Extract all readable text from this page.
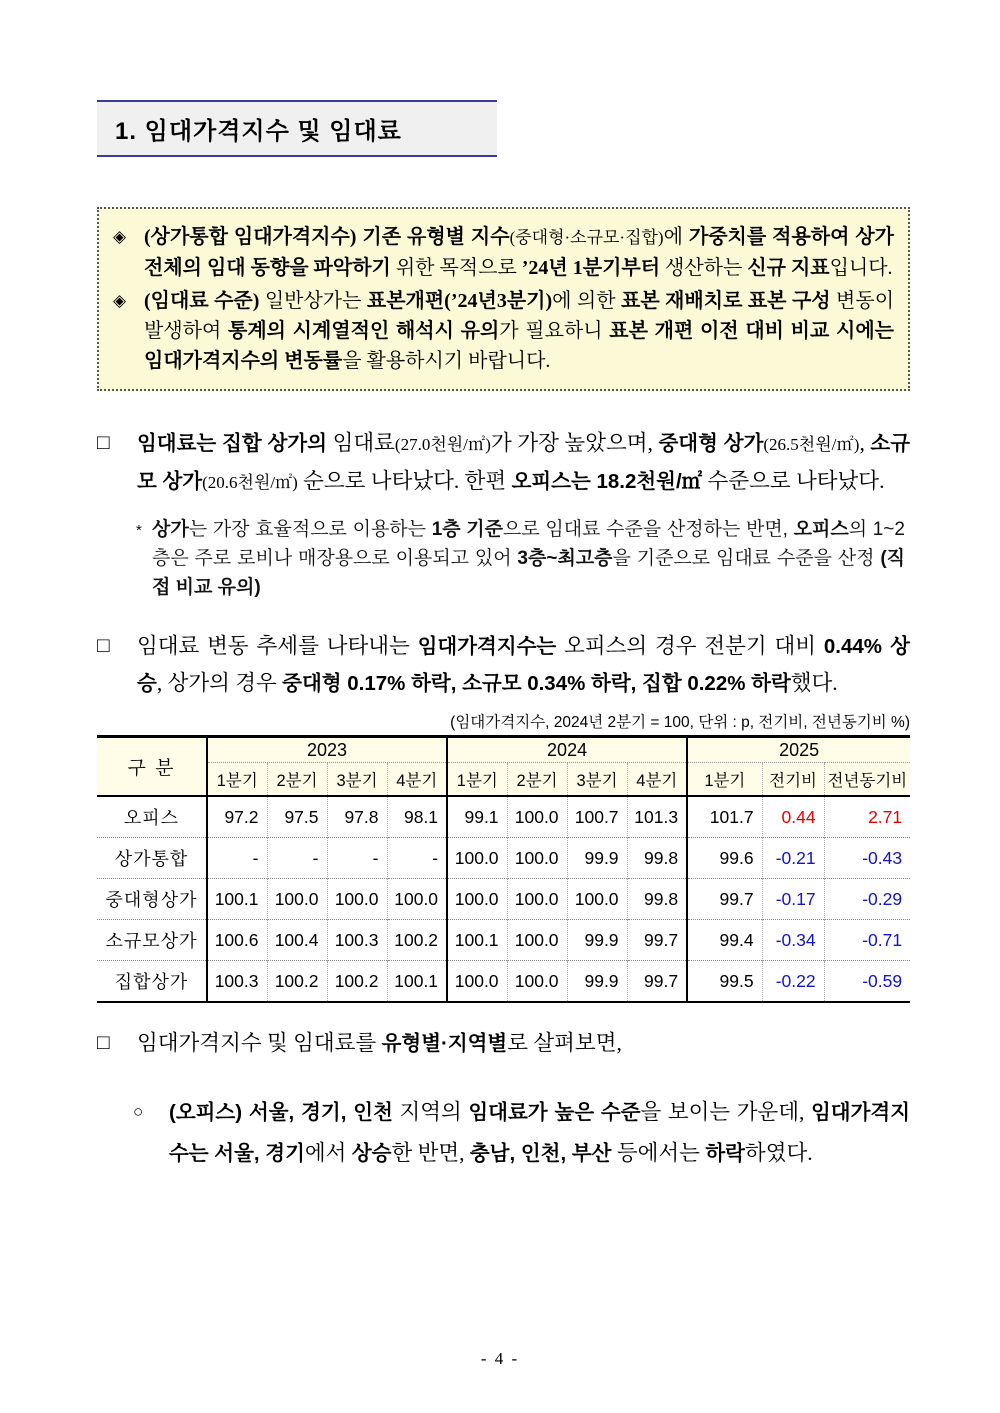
1. 임대가격지수 및 임대료
◈ (상가통합 임대가격지수) 기존 유형별 지수(중대형·소규모·집합)에 가중치를 적용하여 상가 전체의 임대 동향을 파악하기 위한 목적으로 ’24년 1분기부터 생산하는 신규 지표입니다.
◈ (임대료 수준) 일반상가는 표본개편(’24년3분기)에 의한 표본 재배치로 표본 구성 변동이 발생하여 통계의 시계열적인 해석시 유의가 필요하니 표본 개편 이전 대비 비교 시에는 임대가격지수의 변동률을 활용하시기 바랍니다.
□ 임대료는 집합 상가의 임대료(27.0천원/㎡)가 가장 높았으며, 중대형 상가(26.5천원/㎡), 소규모 상가(20.6천원/㎡) 순으로 나타났다. 한편 오피스는 18.2천원/㎡ 수준으로 나타났다.
* 상가는 가장 효율적으로 이용하는 1층 기준으로 임대료 수준을 산정하는 반면, 오피스의 1~2층은 주로 로비나 매장용으로 이용되고 있어 3층~최고층을 기준으로 임대료 수준을 산정 (직접 비교 유의)
□ 임대료 변동 추세를 나타내는 임대가격지수는 오피스의 경우 전분기 대비 0.44% 상승, 상가의 경우 중대형 0.17% 하락, 소규모 0.34% 하락, 집합 0.22% 하락했다.
(임대가격지수, 2024년 2분기 = 100, 단위 : p, 전기비, 전년동기비 %)
구 분	2023				2024				2025		
	1분기	2분기	3분기	4분기	1분기	2분기	3분기	4분기	1분기	전기비	전년동기비
오피스	97.2	97.5	97.8	98.1	99.1	100.0	100.7	101.3	101.7	0.44	2.71
상가통합	-	-	-	-	100.0	100.0	99.9	99.8	99.6	-0.21	-0.43
중대형상가	100.1	100.0	100.0	100.0	100.0	100.0	100.0	99.8	99.7	-0.17	-0.29
소규모상가	100.6	100.4	100.3	100.2	100.1	100.0	99.9	99.7	99.4	-0.34	-0.71
집합상가	100.3	100.2	100.2	100.1	100.0	100.0	99.9	99.7	99.5	-0.22	-0.59
□ 임대가격지수 및 임대료를 유형별·지역별로 살펴보면,
○ (오피스) 서울, 경기, 인천 지역의 임대료가 높은 수준을 보이는 가운데, 임대가격지수는 서울, 경기에서 상승한 반면, 충남, 인천, 부산 등에서는 하락하였다.
- 4 -
